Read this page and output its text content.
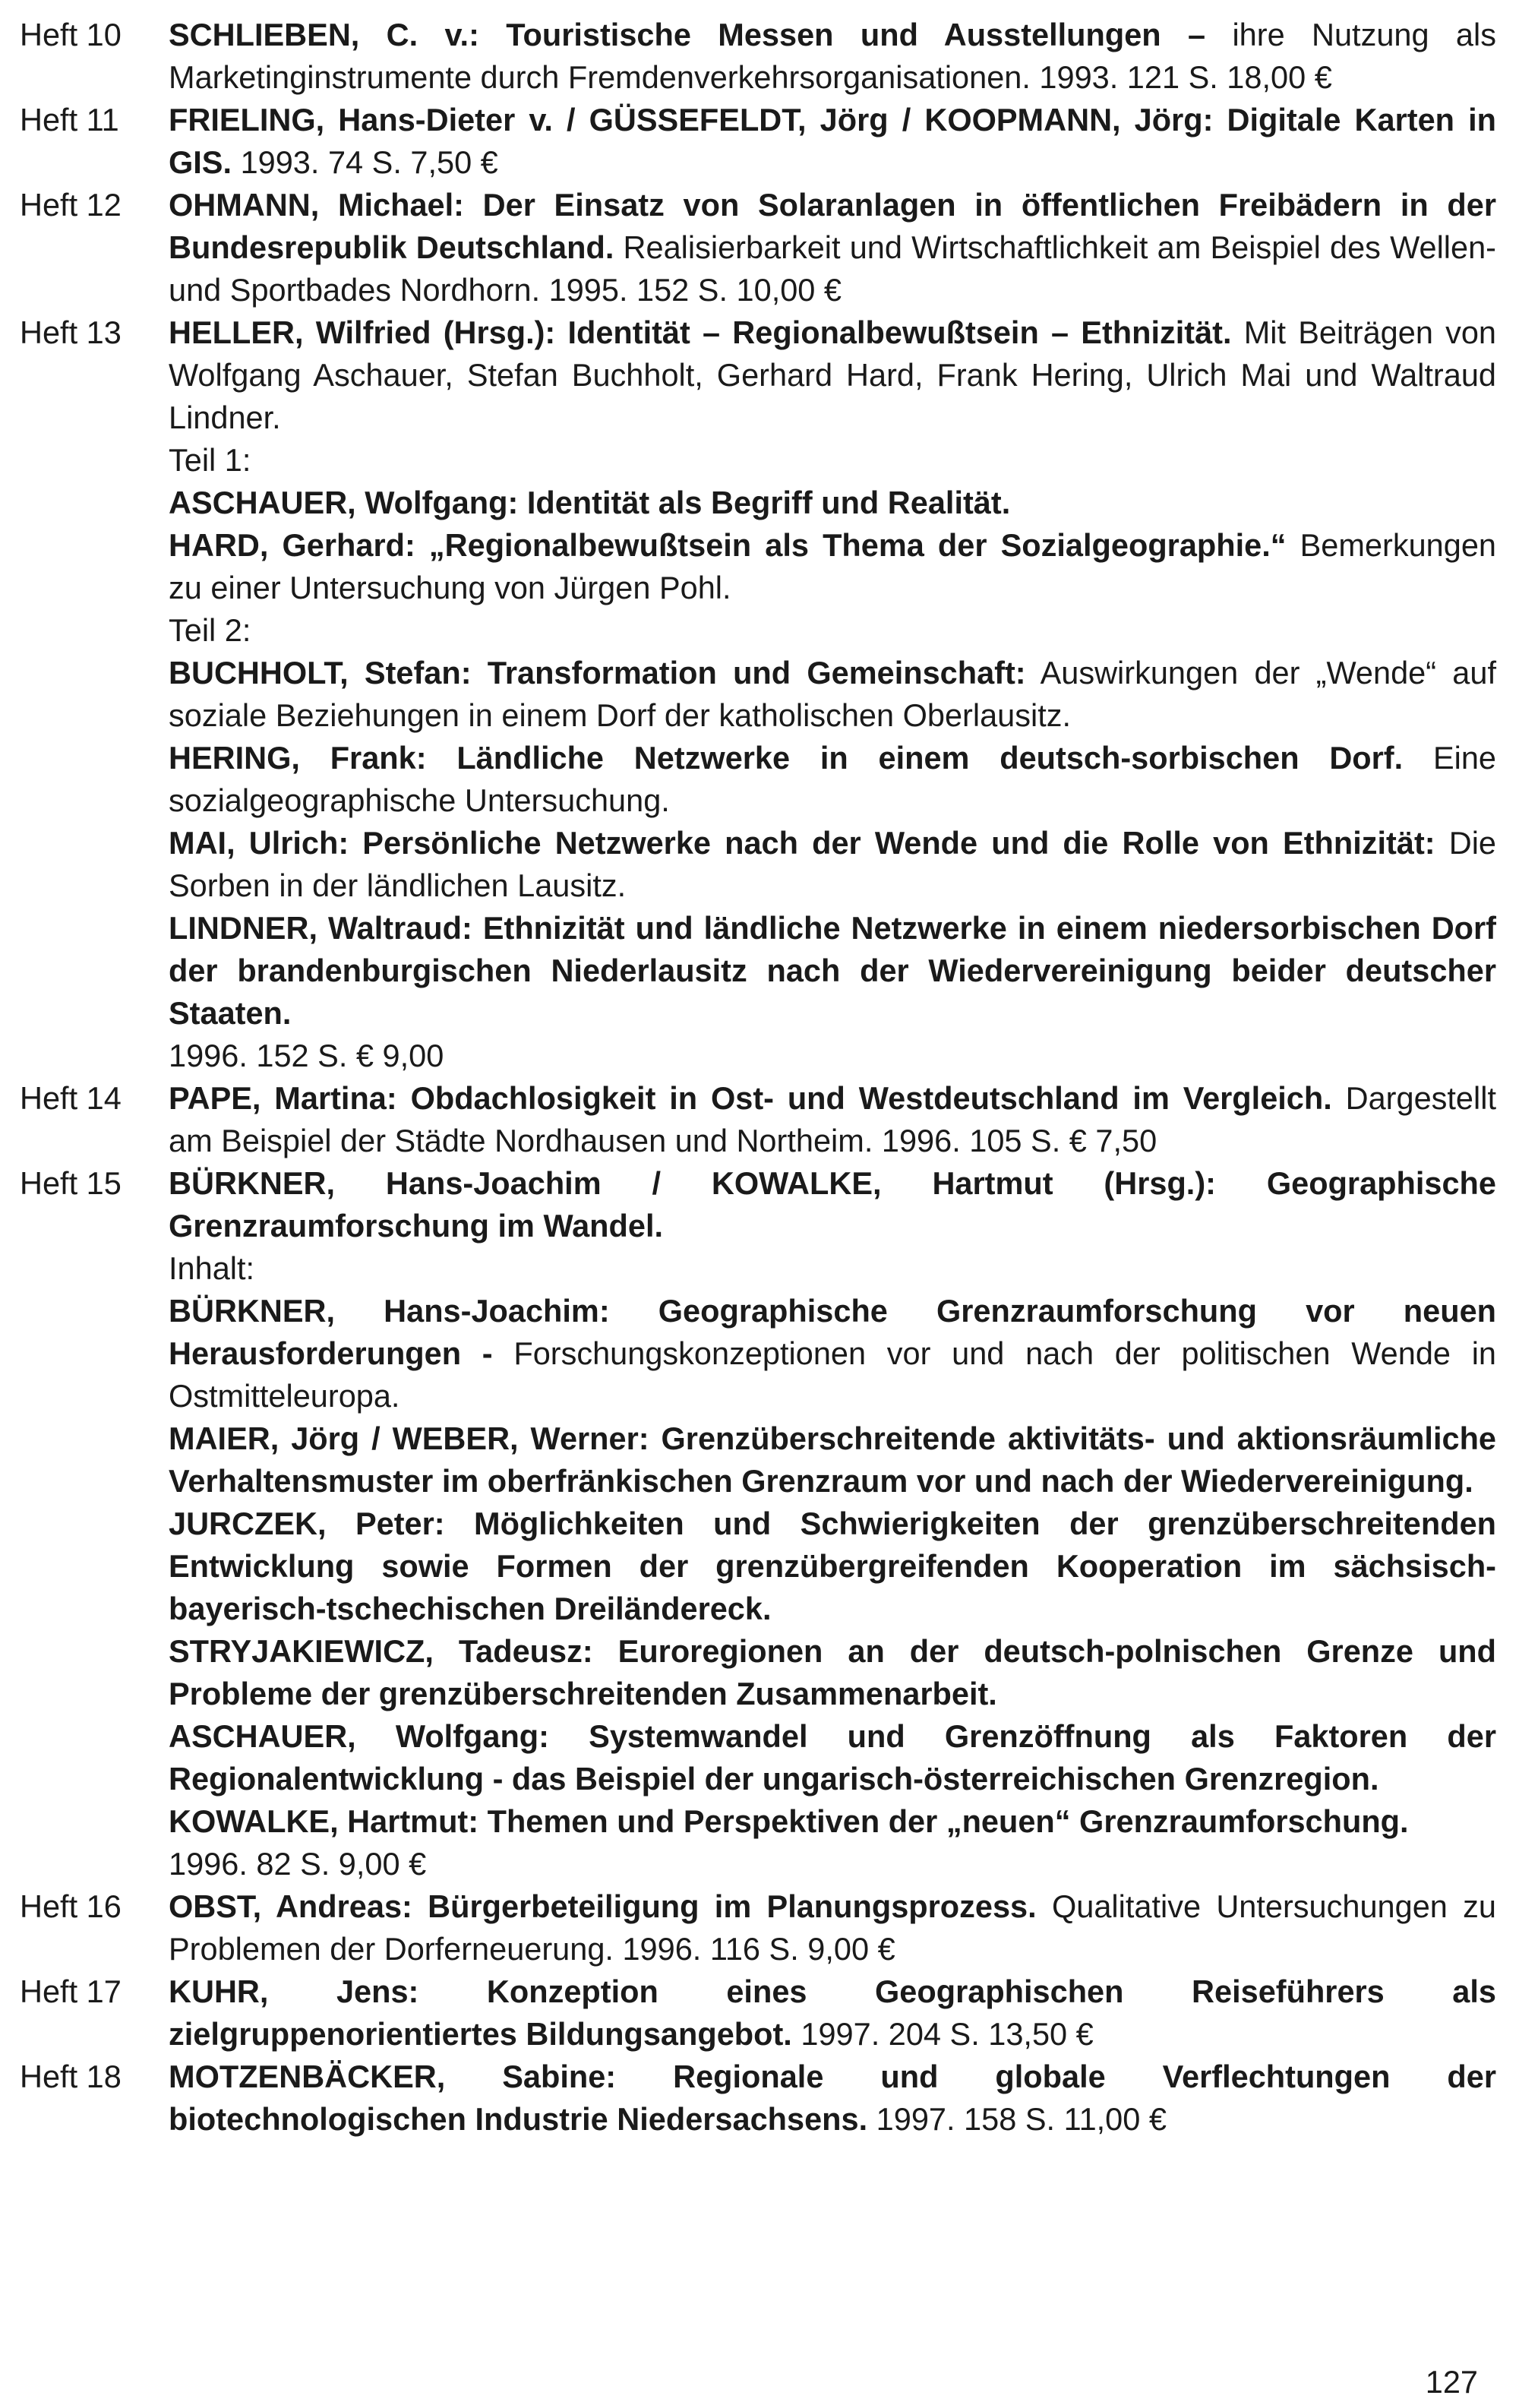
Heft 10	SCHLIEBEN, C. v.: Touristische Messen und Ausstellungen – ihre Nutzung als Marketinginstrumente durch Fremdenverkehrsorganisationen. 1993. 121 S. 18,00 €

Heft 11	FRIELING, Hans-Dieter v. / GÜSSEFELDT, Jörg / KOOPMANN, Jörg: Digitale Karten in GIS. 1993. 74 S. 7,50 €

Heft 12	OHMANN, Michael: Der Einsatz von Solaranlagen in öffentlichen Freibädern in der Bundesrepublik Deutschland. Realisierbarkeit und Wirtschaftlichkeit am Beispiel des Wellen- und Sportbades Nordhorn. 1995. 152 S. 10,00 €

Heft 13	HELLER, Wilfried (Hrsg.): Identität – Regionalbewußtsein – Ethnizität. Mit Beiträgen von Wolfgang Aschauer, Stefan Buchholt, Gerhard Hard, Frank Hering, Ulrich Mai und Waltraud Lindner.

Teil 1:

ASCHAUER, Wolfgang: Identität als Begriff und Realität.

HARD, Gerhard: „Regionalbewußtsein als Thema der Sozialgeographie.“ Bemerkungen zu einer Untersuchung von Jürgen Pohl.

Teil 2:

BUCHHOLT, Stefan: Transformation und Gemeinschaft: Auswirkungen der „Wende“ auf soziale Beziehungen in einem Dorf der katholischen Oberlausitz.

HERING, Frank: Ländliche Netzwerke in einem deutsch-sorbischen Dorf. Eine sozialgeographische Untersuchung.

MAI, Ulrich: Persönliche Netzwerke nach der Wende und die Rolle von Ethnizität: Die Sorben in der ländlichen Lausitz.

LINDNER, Waltraud: Ethnizität und ländliche Netzwerke in einem niedersorbischen Dorf der brandenburgischen Niederlausitz nach der Wiedervereinigung beider deutscher Staaten.

1996. 152 S. € 9,00

Heft 14	PAPE, Martina: Obdachlosigkeit in Ost- und Westdeutschland im Vergleich. Dargestellt am Beispiel der Städte Nordhausen und Northeim. 1996. 105 S. € 7,50

Heft 15	BÜRKNER, Hans-Joachim / KOWALKE, Hartmut (Hrsg.): Geographische Grenzraumforschung im Wandel.

Inhalt:

BÜRKNER, Hans-Joachim: Geographische Grenzraumforschung vor neuen Herausforderungen - Forschungskonzeptionen vor und nach der politischen Wende in Ostmitteleuropa.

MAIER, Jörg / WEBER, Werner: Grenzüberschreitende aktivitäts- und aktionsräumliche Verhaltensmuster im oberfränkischen Grenzraum vor und nach der Wiedervereinigung.

JURCZEK, Peter: Möglichkeiten und Schwierigkeiten der grenzüberschreitenden Entwicklung sowie Formen der grenzübergreifenden Kooperation im sächsisch-bayerisch-tschechischen Dreiländereck.

STRYJAKIEWICZ, Tadeusz: Euroregionen an der deutsch-polnischen Grenze und Probleme der grenzüberschreitenden Zusammenarbeit.

ASCHAUER, Wolfgang: Systemwandel und Grenzöffnung als Faktoren der Regionalentwicklung - das Beispiel der ungarisch-österreichischen Grenzregion.

KOWALKE, Hartmut: Themen und Perspektiven der „neuen“ Grenzraumforschung.

1996. 82 S. 9,00 €

Heft 16	OBST, Andreas: Bürgerbeteiligung im Planungsprozess. Qualitative Untersuchungen zu Problemen der Dorferneuerung. 1996. 116 S. 9,00 €

Heft 17	KUHR, Jens: Konzeption eines Geographischen Reiseführers als zielgruppenorientiertes Bildungsangebot. 1997. 204 S. 13,50 €

Heft 18	MOTZENBÄCKER, Sabine: Regionale und globale Verflechtungen der biotechnologischen Industrie Niedersachsens. 1997. 158 S. 11,00 €

127
